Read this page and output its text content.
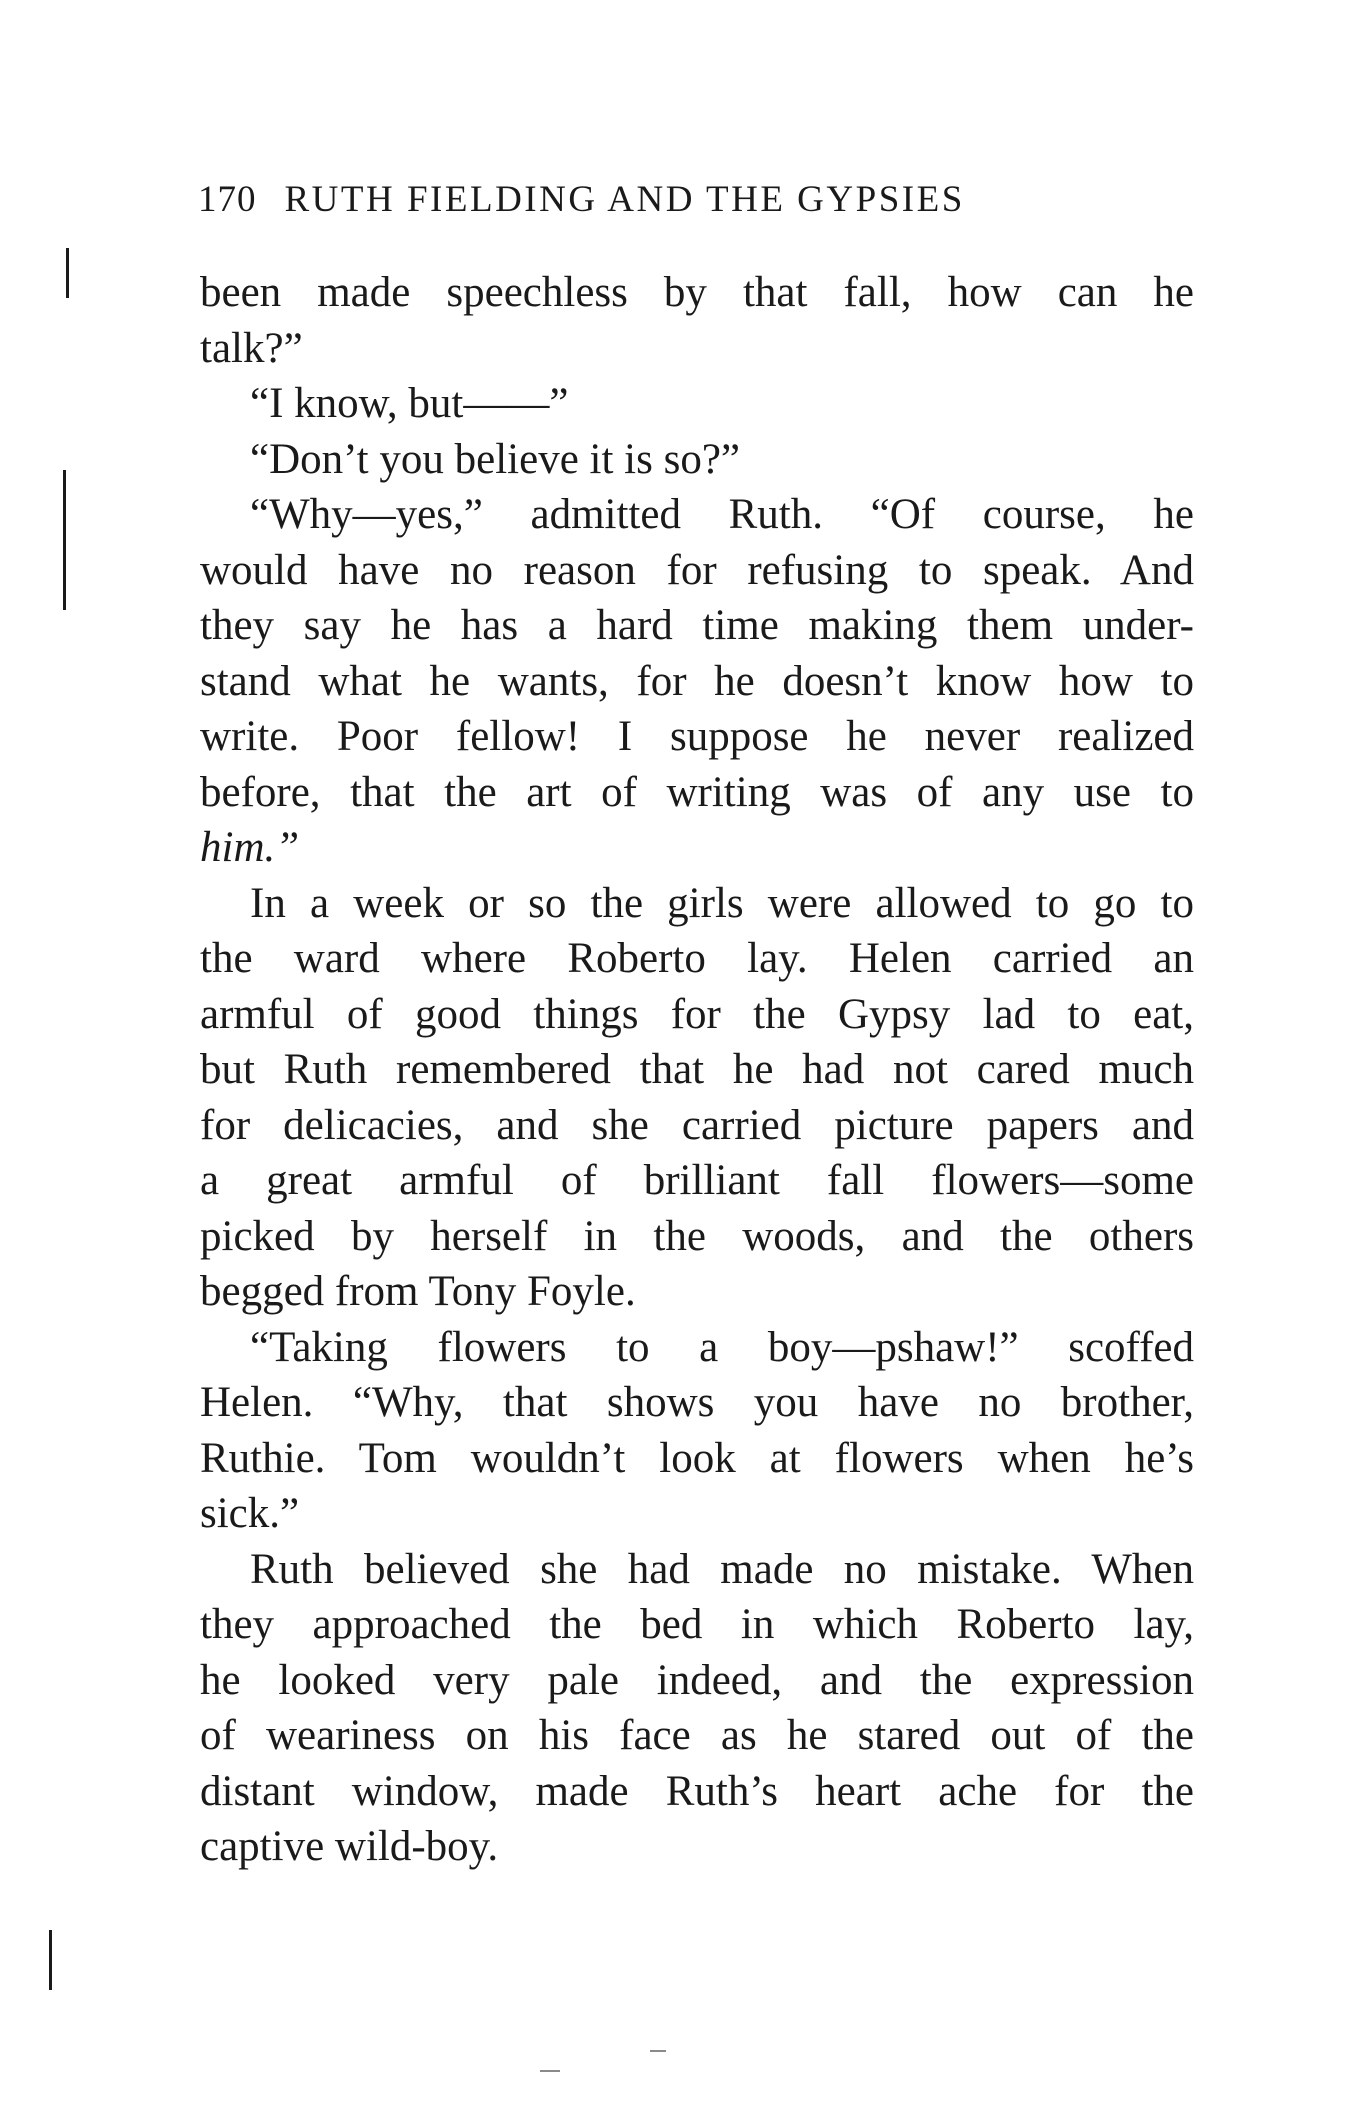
170 RUTH FIELDING AND THE GYPSIES
been made speechless by that fall, how can he
talk?”
“I know, but——”
“Don’t you believe it is so?”
“Why—yes,” admitted Ruth. “Of course, he
would have no reason for refusing to speak. And
they say he has a hard time making them under-
stand what he wants, for he doesn’t know how to
write. Poor fellow! I suppose he never realized
before, that the art of writing was of any use to
him.”
In a week or so the girls were allowed to go to
the ward where Roberto lay. Helen carried an
armful of good things for the Gypsy lad to eat,
but Ruth remembered that he had not cared much
for delicacies, and she carried picture papers and
a great armful of brilliant fall flowers—some
picked by herself in the woods, and the others
begged from Tony Foyle.
“Taking flowers to a boy—pshaw!” scoffed
Helen. “Why, that shows you have no brother,
Ruthie. Tom wouldn’t look at flowers when he’s
sick.”
Ruth believed she had made no mistake. When
they approached the bed in which Roberto lay,
he looked very pale indeed, and the expression
of weariness on his face as he stared out of the
distant window, made Ruth’s heart ache for the
captive wild-boy.
